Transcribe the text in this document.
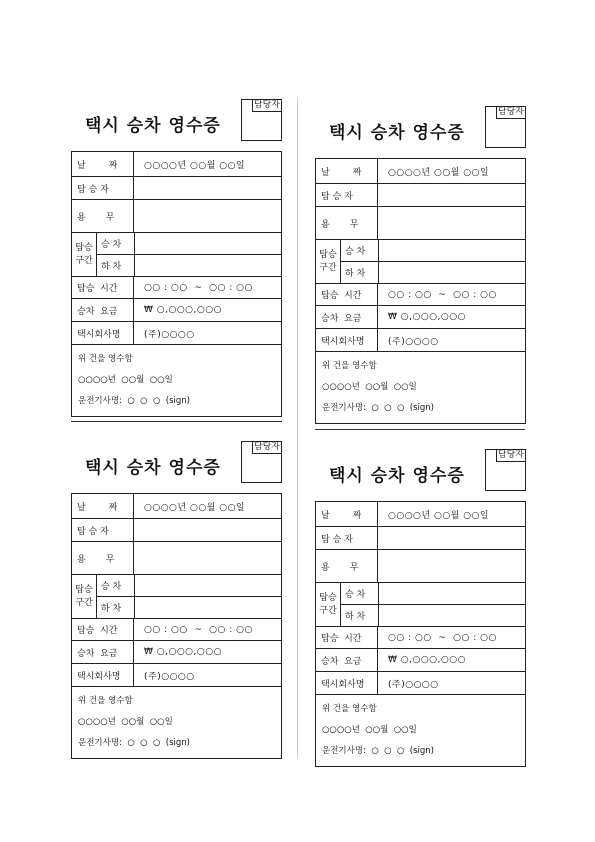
택시 승차 영수증
담당자
날        짜	○○○○년 ○○월 ○○일
탑 승 자
용       무
탑승
구간
승 차
하 차
탑승  시간	○○ : ○○  ~  ○○ : ○○
승차  요금	₩ ○,○○○,○○○
택시회사명	(주)○○○○
위 건을 영수함
○○○○년  ○○월  ○○일
운전기사명:  ○  ○  ○  (sign)
택시 승차 영수증
담당자
날        짜	○○○○년 ○○월 ○○일
탑 승 자
용       무
탑승
구간
승 차
하 차
탑승  시간	○○ : ○○  ~  ○○ : ○○
승차  요금	₩ ○,○○○,○○○
택시회사명	(주)○○○○
위 건을 영수함
○○○○년  ○○월  ○○일
운전기사명:  ○  ○  ○  (sign)
택시 승차 영수증
담당자
날        짜	○○○○년 ○○월 ○○일
탑 승 자
용       무
탑승
구간
승 차
하 차
탑승  시간	○○ : ○○  ~  ○○ : ○○
승차  요금	₩ ○,○○○,○○○
택시회사명	(주)○○○○
위 건을 영수함
○○○○년  ○○월  ○○일
운전기사명:  ○  ○  ○  (sign)
택시 승차 영수증
담당자
날        짜	○○○○년 ○○월 ○○일
탑 승 자
용       무
탑승
구간
승 차
하 차
탑승  시간	○○ : ○○  ~  ○○ : ○○
승차  요금	₩ ○,○○○,○○○
택시회사명	(주)○○○○
위 건을 영수함
○○○○년  ○○월  ○○일
운전기사명:  ○  ○  ○  (sign)
